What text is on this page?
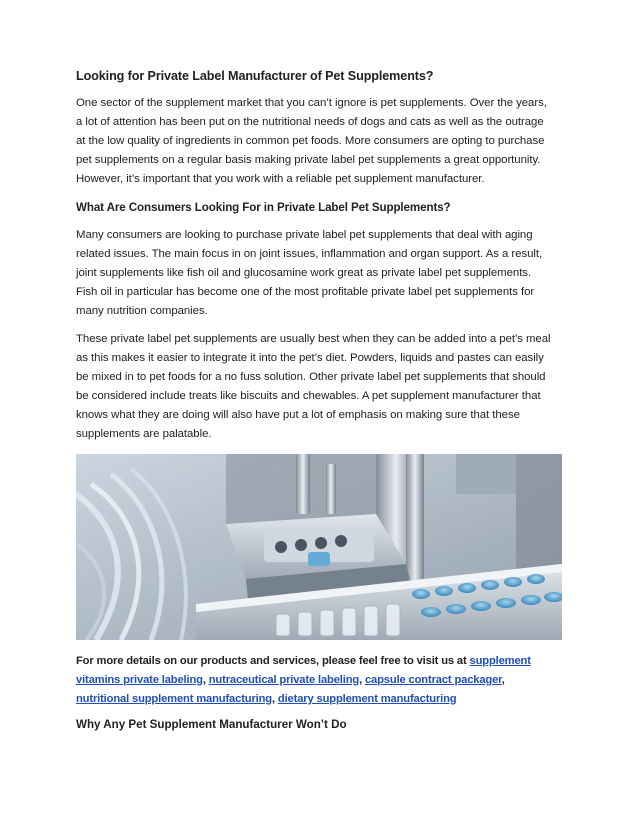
Looking for Private Label Manufacturer of Pet Supplements?

One sector of the supplement market that you can’t ignore is pet supplements. Over the years,

a lot of attention has been put on the nutritional needs of dogs and cats as well as the outrage

at the low quality of ingredients in common pet foods. More consumers are opting to purchase

pet supplements on a regular basis making private label pet supplements a great opportunity.

However, it’s important that you work with a reliable pet supplement manufacturer.

What Are Consumers Looking For in Private Label Pet Supplements?

Many consumers are looking to purchase private label pet supplements that deal with aging

related issues. The main focus in on joint issues, inflammation and organ support. As a result,

joint supplements like fish oil and glucosamine work great as private label pet supplements.

Fish oil in particular has become one of the most profitable private label pet supplements for

many nutrition companies.

These private label pet supplements are usually best when they can be added into a pet’s meal

as this makes it easier to integrate it into the pet’s diet. Powders, liquids and pastes can easily

be mixed in to pet foods for a no fuss solution. Other private label pet supplements that should

be considered include treats like biscuits and chewables. A pet supplement manufacturer that

knows what they are doing will also have put a lot of emphasis on making sure that these

supplements are palatable.

For more details on our products and services, please feel free to visit us at supplement vitamins private labeling, nutraceutical private labeling, capsule contract packager,
nutritional supplement manufacturing, dietary supplement manufacturing
Why Any Pet Supplement Manufacturer Won’t Do
